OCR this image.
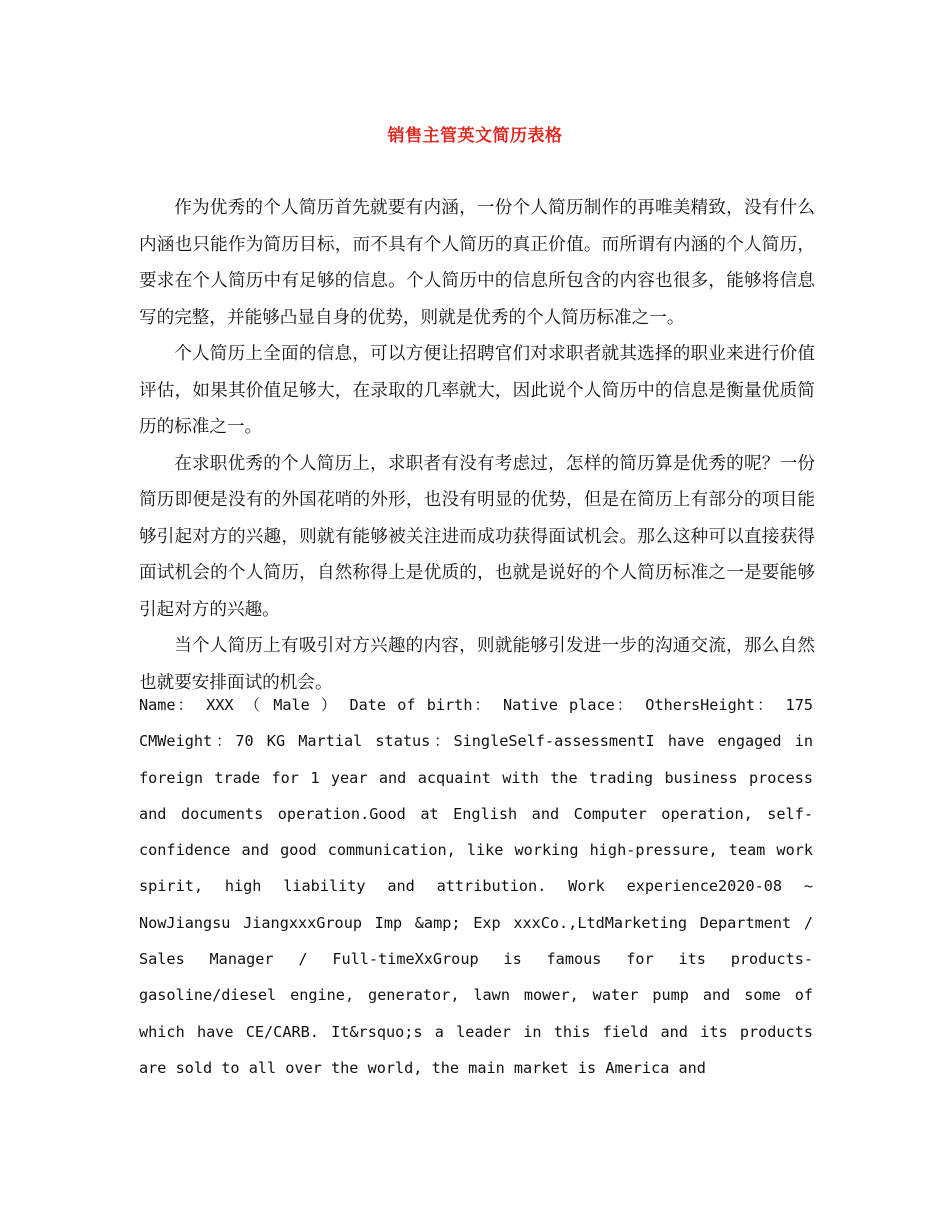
销售主管英文简历表格

作为优秀的个人简历首先就要有内涵，一份个人简历制作的再唯美精致，没有什么内涵也只能作为简历目标，而不具有个人简历的真正价值。而所谓有内涵的个人简历，要求在个人简历中有足够的信息。个人简历中的信息所包含的内容也很多，能够将信息写的完整，并能够凸显自身的优势，则就是优秀的个人简历标准之一。

个人简历上全面的信息，可以方便让招聘官们对求职者就其选择的职业来进行价值评估，如果其价值足够大，在录取的几率就大，因此说个人简历中的信息是衡量优质简历的标准之一。

在求职优秀的个人简历上，求职者有没有考虑过，怎样的简历算是优秀的呢？一份简历即便是没有的外国花哨的外形，也没有明显的优势，但是在简历上有部分的项目能够引起对方的兴趣，则就有能够被关注进而成功获得面试机会。那么这种可以直接获得面试机会的个人简历，自然称得上是优质的，也就是说好的个人简历标准之一是要能够引起对方的兴趣。

当个人简历上有吸引对方兴趣的内容，则就能够引发进一步的沟通交流，那么自然也就要安排面试的机会。

Name： XXX （ Male ） Date of birth： Native place： OthersHeight： 175 CMWeight：70 KG Martial status：SingleSelf-assessmentI have engaged in foreign trade for 1 year and acquaint with the trading business process and documents operation.Good at English and Computer operation, self-confidence and good communication, like working high-pressure, team work spirit, high liability and attribution. Work experience2020-08 ~ NowJiangsu JiangxxxGroup Imp &amp; Exp xxxCo.,LtdMarketing Department / Sales Manager / Full-timeXxGroup is famous for its products-gasoline/diesel engine, generator, lawn mower, water pump and some of which have CE/CARB. It&rsquo;s a leader in this field and its products are sold to all over the world, the main market is America and
